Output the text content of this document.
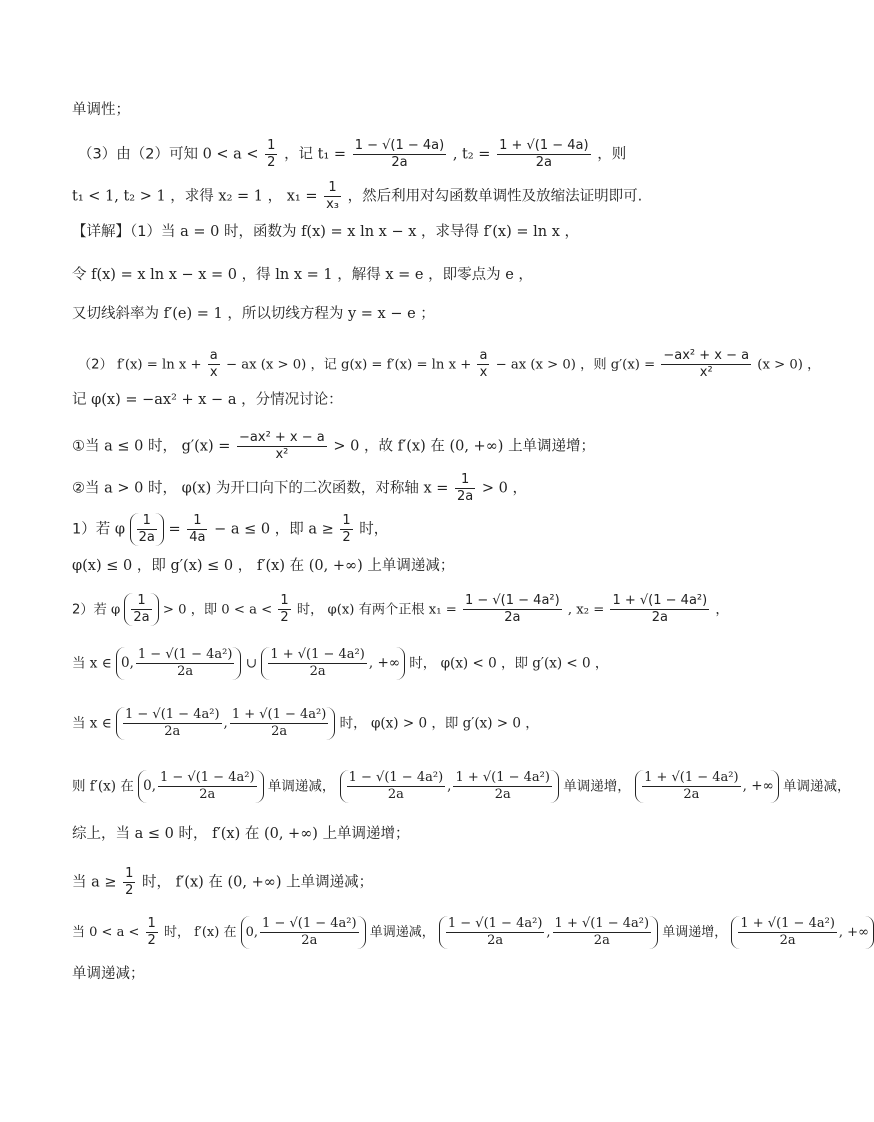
单调性；
（3）由（2）可知 $0 < a < \frac{1}{2}$ ，记 $t_1 = \frac{1 - √(1 - 4a)}{2a}$ , $t_2 = \frac{1 + √(1 - 4a)}{2a}$ ，则
t₁ < 1, t₂ > 1 ，求得 x₂ = 1 ， $x_1 = \frac{1}{\text{x₃}}$ ，然后利用对勾函数单调性及放缩法证明即可.
【详解】（1）当 a = 0 时，函数为 f(x) = x ln x − x ，求导得 f′(x) = ln x ，
令 f(x) = x ln x − x = 0 ，得 ln x = 1 ，解得 x = e ，即零点为 e ，
又切线斜率为 f′(e) = 1 ，所以切线方程为 y = x − e ；
（2） $f'(x) = \ln x + \frac{a}{x}$ − ax (x > 0) ，记 $g(x) = f'(x) = \ln x + \frac{a}{x}$ − ax (x > 0) ，则 $g'(x) = \frac{\text{−ax² + x − a}}{\text{x²}} (x > 0)$ ，
记 φ(x) = −ax² + x − a ，分情况讨论：
①当 a ≤ 0 时， $g'(x) = \frac{\text{−ax² + x − a}}{\text{x²}} > 0$ ，故 f′(x) 在 (0, +∞) 上单调递增；
②当 a > 0 时， φ(x) 为开口向下的二次函数，对称轴 $x = \frac{1}{2a} > 0$ ，
1）若 φ $\frac{1}{2a} = \frac{1}{4a} - a \le 0$ ，即 $a \ge \frac{1}{2}$ 时，
φ(x) ≤ 0 ，即 g′(x) ≤ 0 ， f′(x) 在 (0, +∞) 上单调递减；
2）若 φ $\frac{1}{2a} > 0$ ，即 $0 < a < \frac{1}{2}$ 时， φ(x) 有两个正根 $x_1 = \frac{\text{1 − √(1 − 4a²)}}{2a}$ , $x_2 = \frac{\text{1 + √(1 − 4a²)}}{2a}$ ，
当 x ∈ 0, $\frac{\text{1 − √(1 − 4a²)}}{2a}$ ∪ $\frac{\text{1 + √(1 − 4a²)}}{2a}$ , +∞ 时， φ(x) < 0 ，即 g′(x) < 0 ，
当 x ∈ $\frac{\text{1 − √(1 − 4a²)}}{2a}$ , $\frac{\text{1 + √(1 − 4a²)}}{2a}$ 时， φ(x) > 0 ，即 g′(x) > 0 ，
则 f′(x) 在 0, $\frac{\text{1 − √(1 − 4a²)}}{2a}$ 单调递减， $\frac{\text{1 − √(1 − 4a²)}}{2a}$ , $\frac{\text{1 + √(1 − 4a²)}}{2a}$ 单调递增， $\frac{\text{1 + √(1 − 4a²)}}{2a}$ , +∞ 单调递减，
综上，当 a ≤ 0 时， f′(x) 在 (0, +∞) 上单调递增；
当 $a \ge \frac{1}{2}$ 时， f′(x) 在 (0, +∞) 上单调递减；
当 $0 < a < \frac{1}{2}$ 时， f′(x) 在 0, $\frac{\text{1 − √(1 − 4a²)}}{2a}$ 单调递减， $\frac{\text{1 − √(1 − 4a²)}}{2a}$ , $\frac{\text{1 + √(1 − 4a²)}}{2a}$ 单调递增， $\frac{\text{1 + √(1 − 4a²)}}{2a}$ , +∞
单调递减；
